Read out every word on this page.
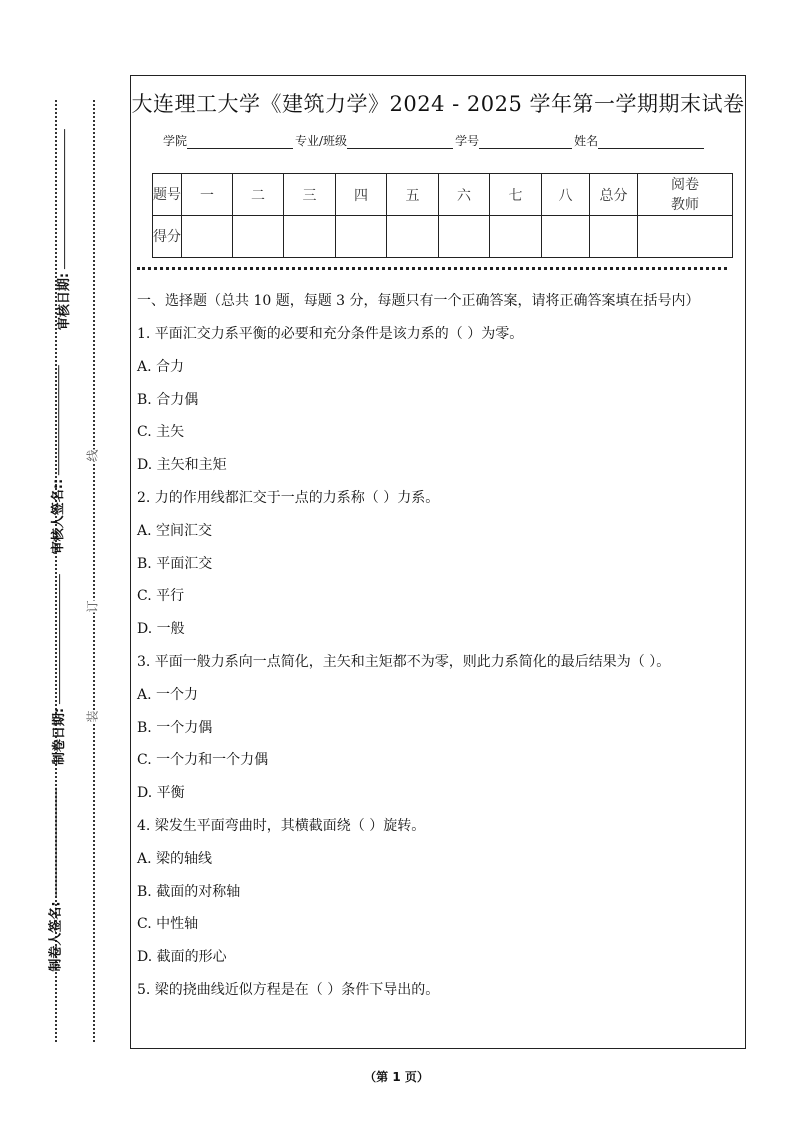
审核日期:
审核人签名::
制卷日期:
制卷人签名:
线
订
装
大连理工大学《建筑力学》2024 - 2025 学年第一学期期末试卷
学院	专业/班级	学号	姓名
题号	一	二	三	四	五	六	七	八	总分	阅卷教师
得分										
一、选择题（总共 10 题，每题 3 分，每题只有一个正确答案，请将正确答案填在括号内）
1. 平面汇交力系平衡的必要和充分条件是该力系的（ ）为零。
A. 合力
B. 合力偶
C. 主矢
D. 主矢和主矩
2. 力的作用线都汇交于一点的力系称（ ）力系。
A. 空间汇交
B. 平面汇交
C. 平行
D. 一般
3. 平面一般力系向一点简化，主矢和主矩都不为零，则此力系简化的最后结果为（ ）。
A. 一个力
B. 一个力偶
C. 一个力和一个力偶
D. 平衡
4. 梁发生平面弯曲时，其横截面绕（ ）旋转。
A. 梁的轴线
B. 截面的对称轴
C. 中性轴
D. 截面的形心
5. 梁的挠曲线近似方程是在（ ）条件下导出的。
（第 1 页）
